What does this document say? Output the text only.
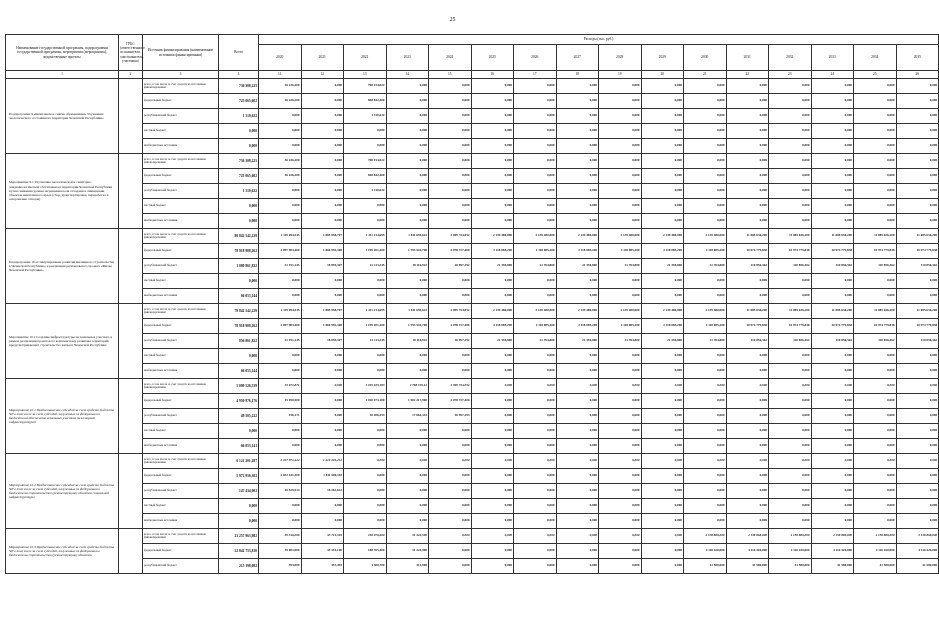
25
Наименование государственной программы, подпрограммы государственной программы, мероприятия (мероприятия), ведомственные проекты	ГРБС (ответственного исполнителя, соисполнителя, участника)	Источник финансирования (наименование источника финансирования)	Всего	Расходы (тыс. руб.)															
				2020	2021	2022	2023	2024	2025	2026	2027	2028	2029	2030	2031	2032	2033	2034	2035
1	2	3	4	11	12	13	14	15	16	17	18	19	20	21	22	23	24	25	26
Подпрограмма 9 «Комплексное снятие обременения» Улучшение экологического состояния на территории Чеченской Республики»		всего, в том числе за счет средств из источников финансирования:	736 308,225	36 226,200	0,000	700 154,022	0,000	0,000	0,000	0,000	0,000	0,000	0,000	0,000	0,000	0,000	0,000	0,000	0,000
		федеральный бюджет	725 065,602	36 226,200	0,000	698 842,400	0,000	0,000	0,000	0,000	0,000	0,000	0,000	0,000	0,000	0,000	0,000	0,000	0,000
		республиканский бюджет	1 310,622	0,000	0,000	1 310,622	0,000	0,000	0,000	0,000	0,000	0,000	0,000	0,000	0,000	0,000	0,000	0,000	0,000
		местный бюджет	0,000	0,000	0,000	0,000	0,000	0,000	0,000	0,000	0,000	0,000	0,000	0,000	0,000	0,000	0,000	0,000	0,000
		внебюджетные источники	0,000	0,000	0,000	0,000	0,000	0,000	0,000	0,000	0,000	0,000	0,000	0,000	0,000	0,000	0,000	0,000	0,000
Мероприятие 9.1 Улучшение экологической и санитарно-эпидемиологической обстановки на территории Чеченской Республики путем снижения уровня загрязнения почв отходами и ликвидации объектов накопленного вреда (сбор, транспортировка, переработка и захоронение отходов)		всего, в том числе за счет средств из источников финансирования:	736 308,225	36 226,200	0,000	700 154,022	0,000	0,000	0,000	0,000	0,000	0,000	0,000	0,000	0,000	0,000	0,000	0,000	0,000
		федеральный бюджет	725 065,602	36 226,200	0,000	698 842,400	0,000	0,000	0,000	0,000	0,000	0,000	0,000	0,000	0,000	0,000	0,000	0,000	0,000
		республиканский бюджет	1 310,622	0,000	0,000	1 310,622	0,000	0,000	0,000	0,000	0,000	0,000	0,000	0,000	0,000	0,000	0,000	0,000	0,000
		местный бюджет	0,000	0,000	0,000	0,000	0,000	0,000	0,000	0,000	0,000	0,000	0,000	0,000	0,000	0,000	0,000	0,000	0,000
		внебюджетные источники	0,000	0,000	0,000	0,000	0,000	0,000	0,000	0,000	0,000	0,000	0,000	0,000	0,000	0,000	0,000	0,000	0,000
Подпрограмма 10 «Стимулирование развития жилищного строительства в Чеченской Республике» и реализация регионального проекта «Жилье Чеченской Республики»		всего, в том числе за счет средств из источников финансирования:	80 842 542,229	2 119 094,545	1 885 958,707	1 211 214,695	1 811 659,622	2 099 724,052	2 139 480,000	2 139 480,000	2 139 480,000	2 139 480,000	2 139 480,000	2 139 480,000	11 085 636,200	11 085 636,200	11 085 636,200	11 085 636,200	11 085 636,200
		федеральный бюджет	78 918 908,262	2 097 903,400	1 866 992,300	1 199 201,200	1 793 542,700	2 078 727,400	2 118 085,200	2 118 085,200	2 118 085,200	2 118 085,200	2 118 085,200	2 118 085,200	10 974 779,838	10 974 779,838	10 974 779,838	10 974 779,838	10 974 779,838
		республиканский бюджет	1 080 861,822	21 191,145	18 859,307	12 113,345	18 116,922	20 997,292	21 394,800	21 394,800	21 394,800	21 394,800	21 394,800	21 394,800	110 856,362	110 856,362	110 856,362	110 856,362	110 856,362
		местный бюджет	0,000	0,000	0,000	0,000	0,000	0,000	0,000	0,000	0,000	0,000	0,000	0,000	0,000	0,000	0,000	0,000	0,000
		внебюджетные источники	66 053,144	0,000	0,000	0,000	0,000	0,000	0,000	0,000	0,000	0,000	0,000	0,000	0,000	0,000	0,000	0,000	0,000
Мероприятие 10.1 Создание инфраструктуры на земельных участках, в рамках реализации проектов по комплексному развитию территорий, предусматривающих строительство жилья в Чеченской Республике		всего, в том числе за счет средств из источников финансирования:	79 842 542,229	2 119 094,545	1 885 958,707	1 211 214,695	1 811 659,622	2 099 724,052	2 139 480,000	2 139 480,000	2 139 480,000	2 139 480,000	2 139 480,000	2 139 480,000	11 085 636,200	11 085 636,200	11 085 636,200	11 085 636,200	11 085 636,200
		федеральный бюджет	78 918 908,262	2 097 903,400	1 866 992,300	1 199 201,200	1 793 542,700	2 078 727,400	2 118 085,200	2 118 085,200	2 118 085,200	2 118 085,200	2 118 085,200	2 118 085,200	10 974 779,838	10 974 779,838	10 974 779,838	10 974 779,838	10 974 779,838
		республиканский бюджет	856 861,822	21 191,145	18 859,307	12 113,345	18 116,922	20 997,292	21 394,800	21 394,800	21 394,800	21 394,800	21 394,800	21 394,800	110 856,362	110 856,362	110 856,362	110 856,362	110 856,362
		местный бюджет	0,000	0,000	0,000	0,000	0,000	0,000	0,000	0,000	0,000	0,000	0,000	0,000	0,000	0,000	0,000	0,000	0,000
		внебюджетные источники	66 053,144	0,000	0,000	0,000	0,000	0,000	0,000	0,000	0,000	0,000	0,000	0,000	0,000	0,000	0,000	0,000	0,000
Мероприятие 10.1 Предоставление субсидий за счет средств бюджета ЧР в том числе за счет субсидий, полученных из федерального бюджета на обеспечение земельных участков инженерной инфраструктурой		всего, в том числе за счет средств из источников финансирования:	5 009 526,539	15 671,871	0,000	1 019 635,183	2 788 319,12	2 099 724,052	0,000	0,000	0,000	0,000	0,000	0,000	0,000	0,000	0,000	0,000	0,000
		федеральный бюджет	4 950 976,176	15 490,500	0,000	1 010 473,100	1 902 217,900	2 078 727,400	0,000	0,000	0,000	0,000	0,000	0,000	0,000	0,000	0,000	0,000	0,000
		республиканский бюджет	49 505,222	156,171	0,000	10 206,553	17 864,333	20 997,293	0,000	0,000	0,000	0,000	0,000	0,000	0,000	0,000	0,000	0,000	0,000
		местный бюджет	0,000	0,000	0,000	0,000	0,000	0,000	0,000	0,000	0,000	0,000	0,000	0,000	0,000	0,000	0,000	0,000	0,000
		внебюджетные источники	66 053,141	0,000	0,000	0,000	0,000	0,000	0,000	0,000	0,000	0,000	0,000	0,000	0,000	0,000	0,000	0,000	0,000
Мероприятие 10.2 Предоставление субсидий за счет средств бюджета ЧР в том числе за счет субсидий, полученных из федерального бюджета на строительство (реконструкцию) объектов социальной инфраструктуры		всего, в том числе за счет средств из источников финансирования:	6 121 201,287	2 017 971,424	1 419 291,212	0,000	0,000	0,000	0,000	0,000	0,000	0,000	0,000	0,000	0,000	0,000	0,000	0,000	0,000
		федеральный бюджет	5 972 956,302	2 032 441,300	1 811 500,310	0,000	0,000	0,000	0,000	0,000	0,000	0,000	0,000	0,000	0,000	0,000	0,000	0,000	0,000
		республиканский бюджет	147 434,002	20 529,514	18 361,612	0,000	0,000	0,000	0,000	0,000	0,000	0,000	0,000	0,000	0,000	0,000	0,000	0,000	0,000
		местный бюджет	0,000	0,000	0,000	0,000	0,000	0,000	0,000	0,000	0,000	0,000	0,000	0,000	0,000	0,000	0,000	0,000	0,000
		внебюджетные источники	0,000	0,000	0,000	0,000	0,000	0,000	0,000	0,000	0,000	0,000	0,000	0,000	0,000	0,000	0,000	0,000	0,000
Мероприятие 10.3 Предоставление субсидий за счет средств бюджета ЧР в том числе за счет субсидий, полученных из федерального бюджета на строительство (реконструкцию) объектов		всего, в том числе за счет средств из источников финансирования:	23 257 963,982	39 346,006	35 719,393	190 076,900	31 320,500	0,000	0,000	0,000	0,000	0,000	0,000	4 138 868,000	4 138 868,000	4 158 880,000	4 158 880,000	4 158 880,000	4 138 868,000
		федеральный бюджет	22 842 753,810	39 001,000	35 391,100	188 765,300	31 224,900	0,000	0,000	0,000	0,000	0,000	0,000	4 116 420,000	4 116 420,000	4 116 420,000	4 116 420,000	4 116 420,000	4 116 420,000
		республиканский бюджет	215 198,082	393,009	357,493	1 300,700	312,900	0,000	0,000	0,000	0,000	0,000	0,000	41 580,000	41 580,000	41 580,000	41 580,000	41 580,000	41 580,000
